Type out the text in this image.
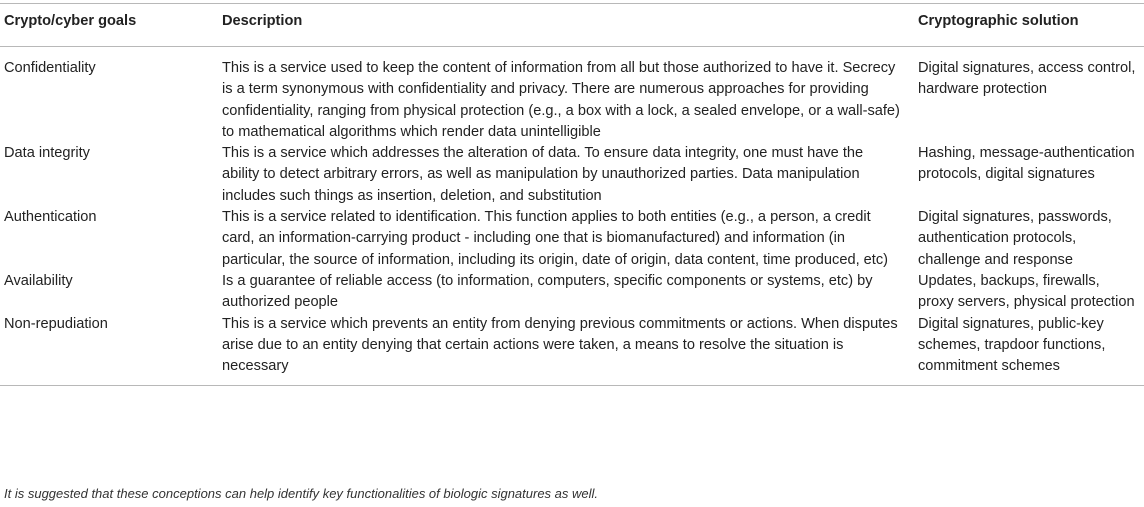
Crypto/cyber goals	Description	Cryptographic solution
Confidentiality	This is a service used to keep the content of information from all but those authorized to have it. Secrecy is a term synonymous with confidentiality and privacy. There are numerous approaches for providing confidentiality, ranging from physical protection (e.g., a box with a lock, a sealed envelope, or a wall-safe) to mathematical algorithms which render data unintelligible	Digital signatures, access control, hardware protection
Data integrity	This is a service which addresses the alteration of data. To ensure data integrity, one must have the ability to detect arbitrary errors, as well as manipulation by unauthorized parties. Data manipulation includes such things as insertion, deletion, and substitution	Hashing, message-authentication protocols, digital signatures
Authentication	This is a service related to identification. This function applies to both entities (e.g., a person, a credit card, an information-carrying product - including one that is biomanufactured) and information (in particular, the source of information, including its origin, date of origin, data content, time produced, etc)	Digital signatures, passwords, authentication protocols, challenge and response
Availability	Is a guarantee of reliable access (to information, computers, specific components or systems, etc) by authorized people	Updates, backups, firewalls, proxy servers, physical protection
Non-repudiation	This is a service which prevents an entity from denying previous commitments or actions. When disputes arise due to an entity denying that certain actions were taken, a means to resolve the situation is necessary	Digital signatures, public-key schemes, trapdoor functions, commitment schemes
It is suggested that these conceptions can help identify key functionalities of biologic signatures as well.
